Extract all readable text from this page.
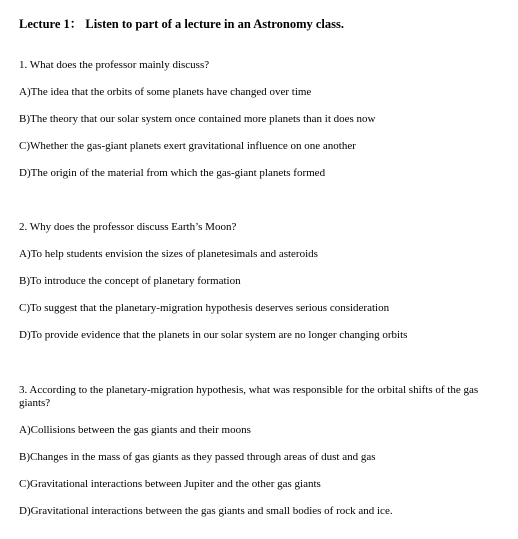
Lecture 1： Listen to part of a lecture in an Astronomy class.
1. What does the professor mainly discuss?
A)The idea that the orbits of some planets have changed over time
B)The theory that our solar system once contained more planets than it does now
C)Whether the gas-giant planets exert gravitational influence on one another
D)The origin of the material from which the gas-giant planets formed
2. Why does the professor discuss Earth’s Moon?
A)To help students envision the sizes of planetesimals and asteroids
B)To introduce the concept of planetary formation
C)To suggest that the planetary-migration hypothesis deserves serious consideration
D)To provide evidence that the planets in our solar system are no longer changing orbits
3. According to the planetary-migration hypothesis, what was responsible for the orbital shifts of the gas giants?
A)Collisions between the gas giants and their moons
B)Changes in the mass of gas giants as they passed through areas of dust and gas
C)Gravitational interactions between Jupiter and the other gas giants
D)Gravitational interactions between the gas giants and small bodies of rock and ice.
